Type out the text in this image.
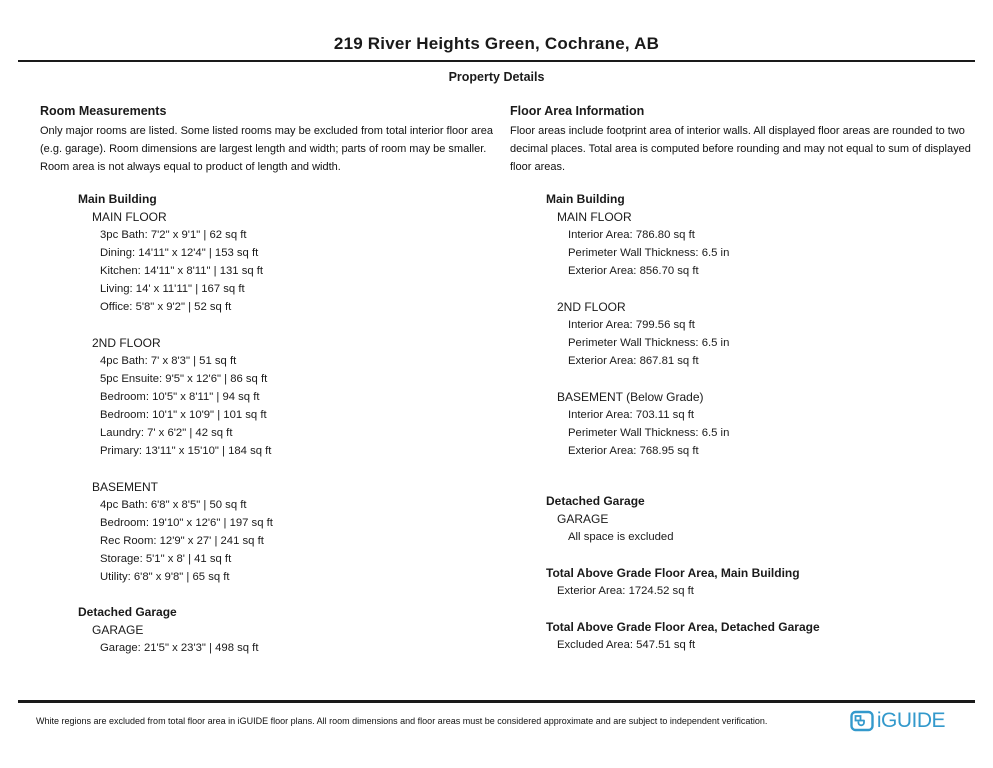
219 River Heights Green, Cochrane, AB
Property Details
Room Measurements
Only major rooms are listed. Some listed rooms may be excluded from total interior floor area (e.g. garage). Room dimensions are largest length and width; parts of room may be smaller. Room area is not always equal to product of length and width.
Main Building
MAIN FLOOR
3pc Bath: 7'2" x 9'1" | 62 sq ft
Dining: 14'11" x 12'4" | 153 sq ft
Kitchen: 14'11" x 8'11" | 131 sq ft
Living: 14' x 11'11" | 167 sq ft
Office: 5'8" x 9'2" | 52 sq ft
2ND FLOOR
4pc Bath: 7' x 8'3" | 51 sq ft
5pc Ensuite: 9'5" x 12'6" | 86 sq ft
Bedroom: 10'5" x 8'11" | 94 sq ft
Bedroom: 10'1" x 10'9" | 101 sq ft
Laundry: 7' x 6'2" | 42 sq ft
Primary: 13'11" x 15'10" | 184 sq ft
BASEMENT
4pc Bath: 6'8" x 8'5" | 50 sq ft
Bedroom: 19'10" x 12'6" | 197 sq ft
Rec Room: 12'9" x 27' | 241 sq ft
Storage: 5'1" x 8' | 41 sq ft
Utility: 6'8" x 9'8" | 65 sq ft
Detached Garage
GARAGE
Garage: 21'5" x 23'3" | 498 sq ft
Floor Area Information
Floor areas include footprint area of interior walls. All displayed floor areas are rounded to two decimal places. Total area is computed before rounding and may not equal to sum of displayed floor areas.
Main Building
MAIN FLOOR
Interior Area: 786.80 sq ft
Perimeter Wall Thickness: 6.5 in
Exterior Area: 856.70 sq ft
2ND FLOOR
Interior Area: 799.56 sq ft
Perimeter Wall Thickness: 6.5 in
Exterior Area: 867.81 sq ft
BASEMENT (Below Grade)
Interior Area: 703.11 sq ft
Perimeter Wall Thickness: 6.5 in
Exterior Area: 768.95 sq ft
Detached Garage
GARAGE
All space is excluded
Total Above Grade Floor Area, Main Building
Exterior Area: 1724.52 sq ft
Total Above Grade Floor Area, Detached Garage
Excluded Area: 547.51 sq ft
White regions are excluded from total floor area in iGUIDE floor plans. All room dimensions and floor areas must be considered approximate and are subject to independent verification.	iGUIDE
